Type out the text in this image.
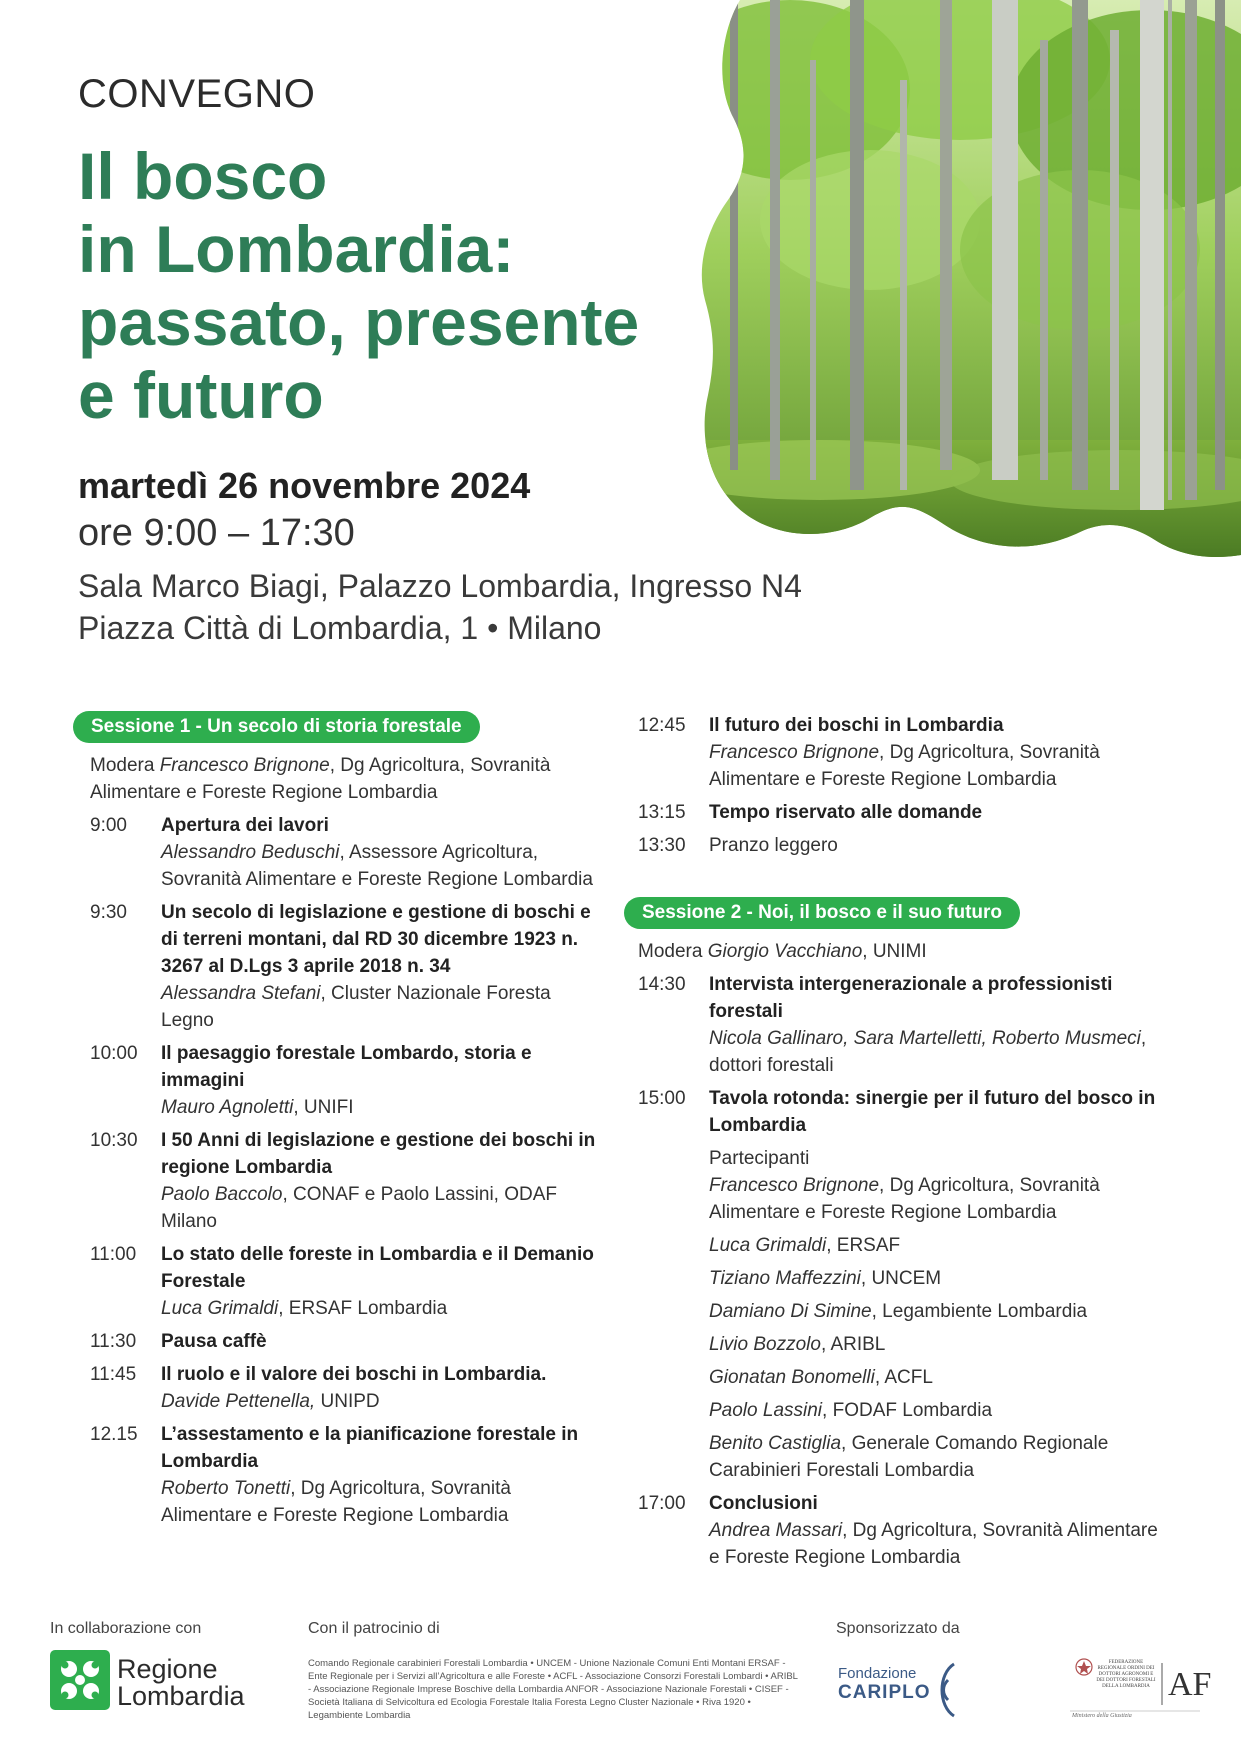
CONVEGNO
Il bosco
in Lombardia:
passato, presente
e futuro
martedì 26 novembre 2024
ore 9:00 – 17:30
Sala Marco Biagi, Palazzo Lombardia, Ingresso N4
Piazza Città di Lombardia, 1 • Milano
Sessione 1 - Un secolo di storia forestale
Modera Francesco Brignone, Dg Agricoltura, Sovranità Alimentare e Foreste Regione Lombardia
9:00	Apertura dei lavori
Alessandro Beduschi, Assessore Agricoltura, Sovranità Alimentare e Foreste Regione Lombardia
9:30	Un secolo di legislazione e gestione di boschi e di terreni montani, dal RD 30 dicembre 1923 n. 3267 al D.Lgs 3 aprile 2018 n. 34
Alessandra Stefani, Cluster Nazionale Foresta Legno
10:00	Il paesaggio forestale Lombardo, storia e immagini
Mauro Agnoletti, UNIFI
10:30	I 50 Anni di legislazione e gestione dei boschi in regione Lombardia
Paolo Baccolo, CONAF e Paolo Lassini, ODAF Milano
11:00	Lo stato delle foreste in Lombardia e il Demanio Forestale
Luca Grimaldi, ERSAF Lombardia
11:30	Pausa caffè
11:45	Il ruolo e il valore dei boschi in Lombardia.
Davide Pettenella, UNIPD
12.15	L’assestamento e la pianificazione forestale in Lombardia
Roberto Tonetti, Dg Agricoltura, Sovranità Alimentare e Foreste Regione Lombardia
12:45	Il futuro dei boschi in Lombardia
Francesco Brignone, Dg Agricoltura, Sovranità Alimentare e Foreste Regione Lombardia
13:15	Tempo riservato alle domande
13:30	Pranzo leggero
Sessione 2 - Noi, il bosco e il suo futuro
Modera Giorgio Vacchiano, UNIMI
14:30	Intervista intergenerazionale a professionisti forestali
Nicola Gallinaro, Sara Martelletti, Roberto Musmeci, dottori forestali
15:00	Tavola rotonda: sinergie per il futuro del bosco in Lombardia
Partecipanti
Francesco Brignone, Dg Agricoltura, Sovranità Alimentare e Foreste Regione Lombardia
Luca Grimaldi, ERSAF
Tiziano Maffezzini, UNCEM
Damiano Di Simine, Legambiente Lombardia
Livio Bozzolo, ARIBL
Gionatan Bonomelli, ACFL
Paolo Lassini, FODAF Lombardia
Benito Castiglia, Generale Comando Regionale Carabinieri Forestali Lombardia
17:00	Conclusioni
Andrea Massari, Dg Agricoltura, Sovranità Alimentare e Foreste Regione Lombardia
In collaborazione con	Con il patrocinio di	Sponsorizzato da
Regione
Lombardia
Comando Regionale carabinieri Forestali Lombardia • UNCEM - Unione Nazionale Comuni Enti Montani ERSAF - Ente Regionale per i Servizi all’Agricoltura e alle Foreste • ACFL - Associazione Consorzi Forestali Lombardi • ARIBL - Associazione Regionale Imprese Boschive della Lombardia ANFOR - Associazione Nazionale Forestali • CISEF - Società Italiana di Selvicoltura ed Ecologia Forestale Italia Foresta Legno Cluster Nazionale • Riva 1920 • Legambiente Lombardia
Fondazione
CARIPLO	AF
FEDERAZIONE REGIONALE ORDINI DEI DOTTORI AGRONOMI E DEI DOTTORI FORESTALI DELLA LOMBARDIA
Ministero della Giustizia
